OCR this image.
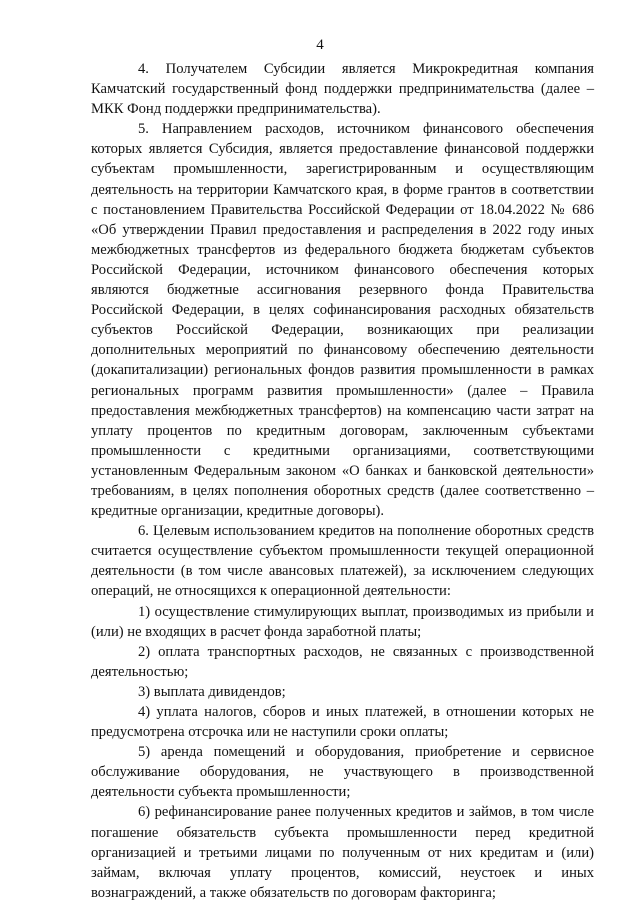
4

4. Получателем Субсидии является Микрокредитная компания Камчатский государственный фонд поддержки предпринимательства (далее – МКК Фонд поддержки предпринимательства).

5. Направлением расходов, источником финансового обеспечения которых является Субсидия, является предоставление финансовой поддержки субъектам промышленности, зарегистрированным и осуществляющим деятельность на территории Камчатского края, в форме грантов в соответствии с постановлением Правительства Российской Федерации от 18.04.2022 № 686 «Об утверждении Правил предоставления и распределения в 2022 году иных межбюджетных трансфертов из федерального бюджета бюджетам субъектов Российской Федерации, источником финансового обеспечения которых являются бюджетные ассигнования резервного фонда Правительства Российской Федерации, в целях софинансирования расходных обязательств субъектов Российской Федерации, возникающих при реализации дополнительных мероприятий по финансовому обеспечению деятельности (докапитализации) региональных фондов развития промышленности в рамках региональных программ развития промышленности» (далее – Правила предоставления межбюджетных трансфертов) на компенсацию части затрат на уплату процентов по кредитным договорам, заключенным субъектами промышленности с кредитными организациями, соответствующими установленным Федеральным законом «О банках и банковской деятельности» требованиям, в целях пополнения оборотных средств (далее соответственно – кредитные организации, кредитные договоры).

6. Целевым использованием кредитов на пополнение оборотных средств считается осуществление субъектом промышленности текущей операционной деятельности (в том числе авансовых платежей), за исключением следующих операций, не относящихся к операционной деятельности:

1) осуществление стимулирующих выплат, производимых из прибыли и (или) не входящих в расчет фонда заработной платы;

2) оплата транспортных расходов, не связанных с производственной деятельностью;

3) выплата дивидендов;

4) уплата налогов, сборов и иных платежей, в отношении которых не предусмотрена отсрочка или не наступили сроки оплаты;

5) аренда помещений и оборудования, приобретение и сервисное обслуживание оборудования, не участвующего в производственной деятельности субъекта промышленности;

6) рефинансирование ранее полученных кредитов и займов, в том числе погашение обязательств субъекта промышленности перед кредитной организацией и третьими лицами по полученным от них кредитам и (или) займам, включая уплату процентов, комиссий, неустоек и иных вознаграждений, а также обязательств по договорам факторинга;
